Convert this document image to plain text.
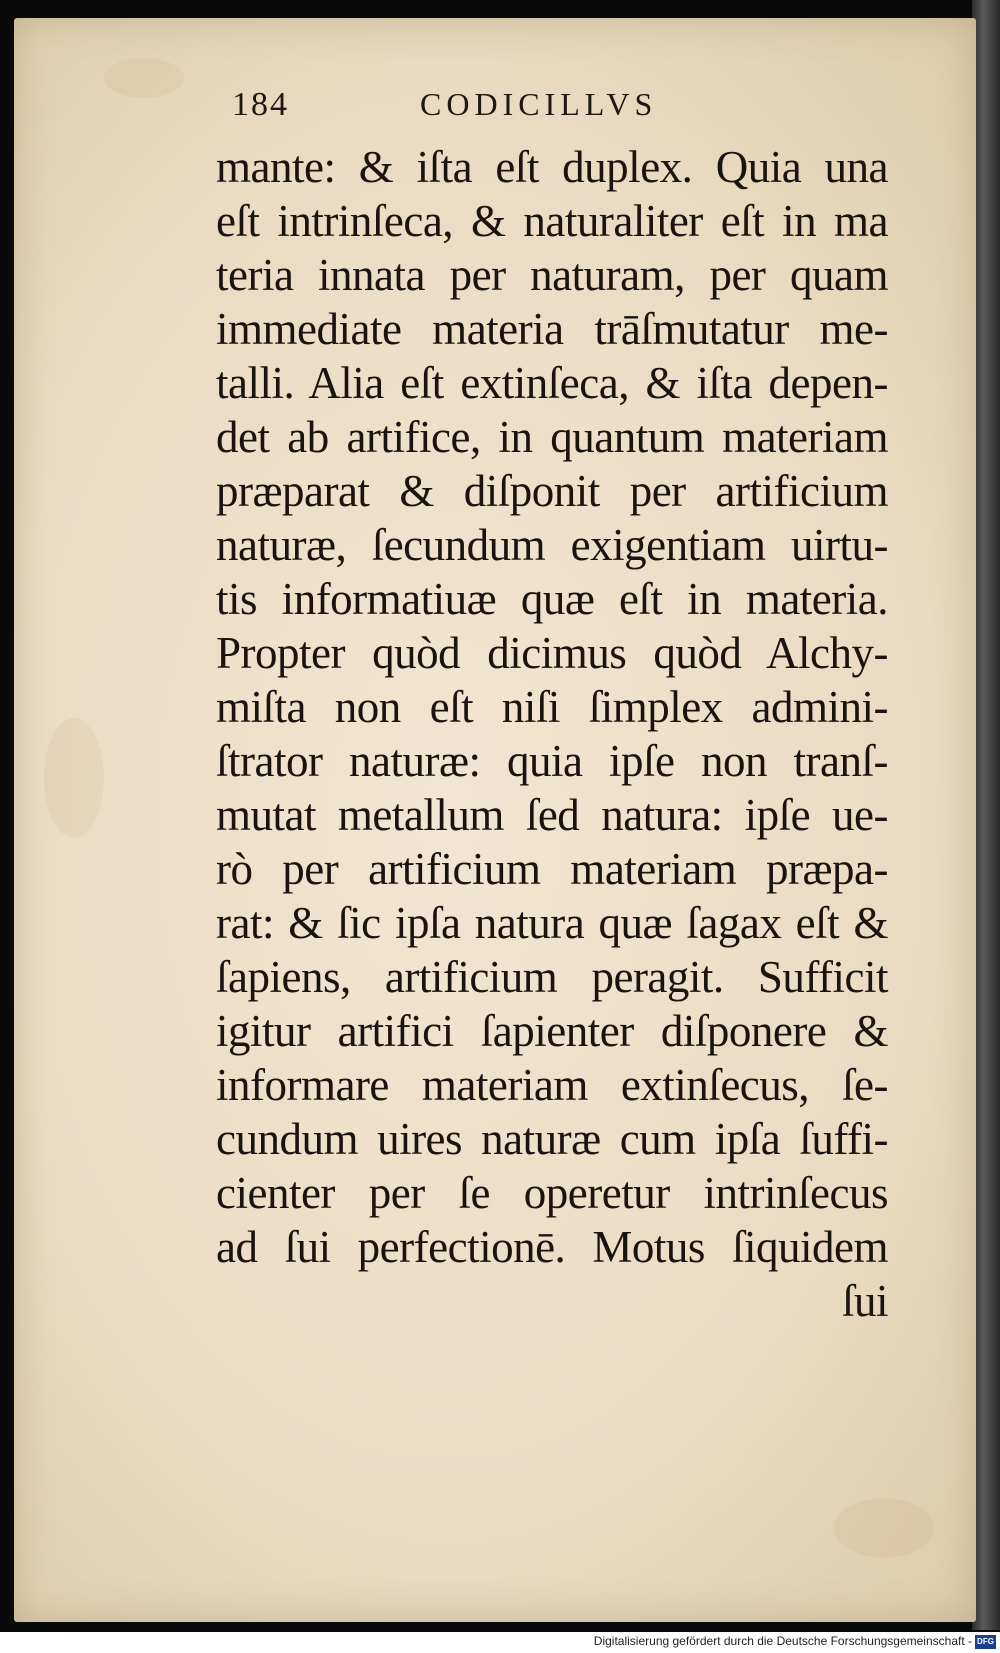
184	CODICILLVS
mante: & iſta eſt duplex. Quia una
eſt intrinſeca, & naturaliter eſt in ma
teria innata per naturam, per quam
immediate materia trāſmutatur me-
talli. Alia eſt extinſeca, & iſta depen-
det ab artifice, in quantum materiam
præparat & diſponit per artificium
naturæ, ſecundum exigentiam uirtu-
tis informatiuæ quæ eſt in materia.
Propter quòd dicimus quòd Alchy-
miſta non eſt niſi ſimplex admini-
ſtrator naturæ: quia ipſe non tranſ-
mutat metallum ſed natura: ipſe ue-
rò per artificium materiam præpa-
rat: & ſic ipſa natura quæ ſagax eſt &
ſapiens, artificium peragit. Sufficit
igitur artifici ſapienter diſponere &
informare materiam extinſecus, ſe-
cundum uires naturæ cum ipſa ſuffi-
cienter per ſe operetur intrinſecus
ad ſui perfectionē. Motus ſiquidem
ſui
Digitalisierung gefördert durch die Deutsche Forschungsgemeinschaft - DFG
